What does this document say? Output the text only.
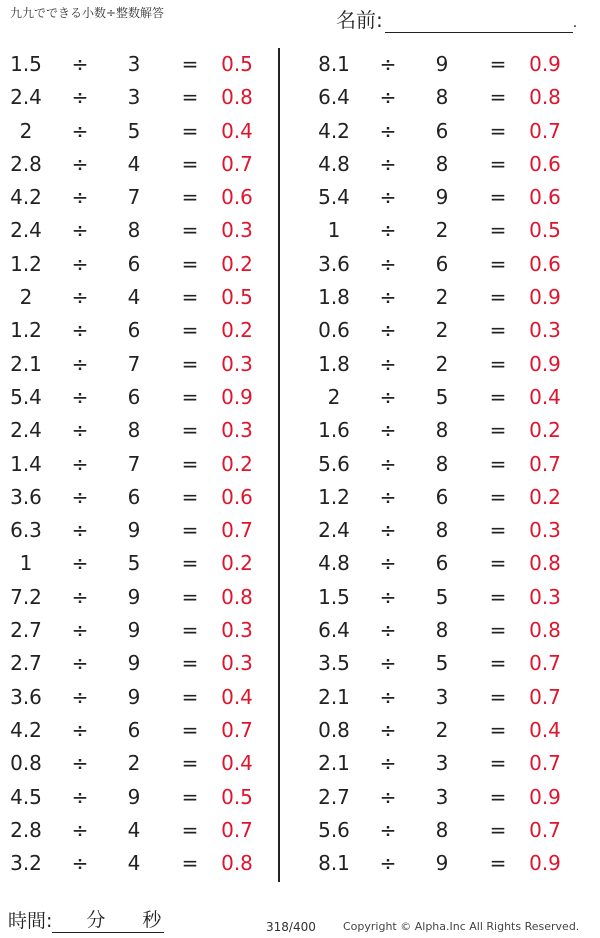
九九でできる小数÷整数解答	名前:	.
1.5	÷	3	=	0.5
2.4	÷	3	=	0.8
2	÷	5	=	0.4
2.8	÷	4	=	0.7
4.2	÷	7	=	0.6
2.4	÷	8	=	0.3
1.2	÷	6	=	0.2
2	÷	4	=	0.5
1.2	÷	6	=	0.2
2.1	÷	7	=	0.3
5.4	÷	6	=	0.9
2.4	÷	8	=	0.3
1.4	÷	7	=	0.2
3.6	÷	6	=	0.6
6.3	÷	9	=	0.7
1	÷	5	=	0.2
7.2	÷	9	=	0.8
2.7	÷	9	=	0.3
2.7	÷	9	=	0.3
3.6	÷	9	=	0.4
4.2	÷	6	=	0.7
0.8	÷	2	=	0.4
4.5	÷	9	=	0.5
2.8	÷	4	=	0.7
3.2	÷	4	=	0.8
8.1	÷	9	=	0.9
6.4	÷	8	=	0.8
4.2	÷	6	=	0.7
4.8	÷	8	=	0.6
5.4	÷	9	=	0.6
1	÷	2	=	0.5
3.6	÷	6	=	0.6
1.8	÷	2	=	0.9
0.6	÷	2	=	0.3
1.8	÷	2	=	0.9
2	÷	5	=	0.4
1.6	÷	8	=	0.2
5.6	÷	8	=	0.7
1.2	÷	6	=	0.2
2.4	÷	8	=	0.3
4.8	÷	6	=	0.8
1.5	÷	5	=	0.3
6.4	÷	8	=	0.8
3.5	÷	5	=	0.7
2.1	÷	3	=	0.7
0.8	÷	2	=	0.4
2.1	÷	3	=	0.7
2.7	÷	3	=	0.9
5.6	÷	8	=	0.7
8.1	÷	9	=	0.9
時間: 分 秒	318/400 Copyright © Alpha.Inc All Rights Reserved.
